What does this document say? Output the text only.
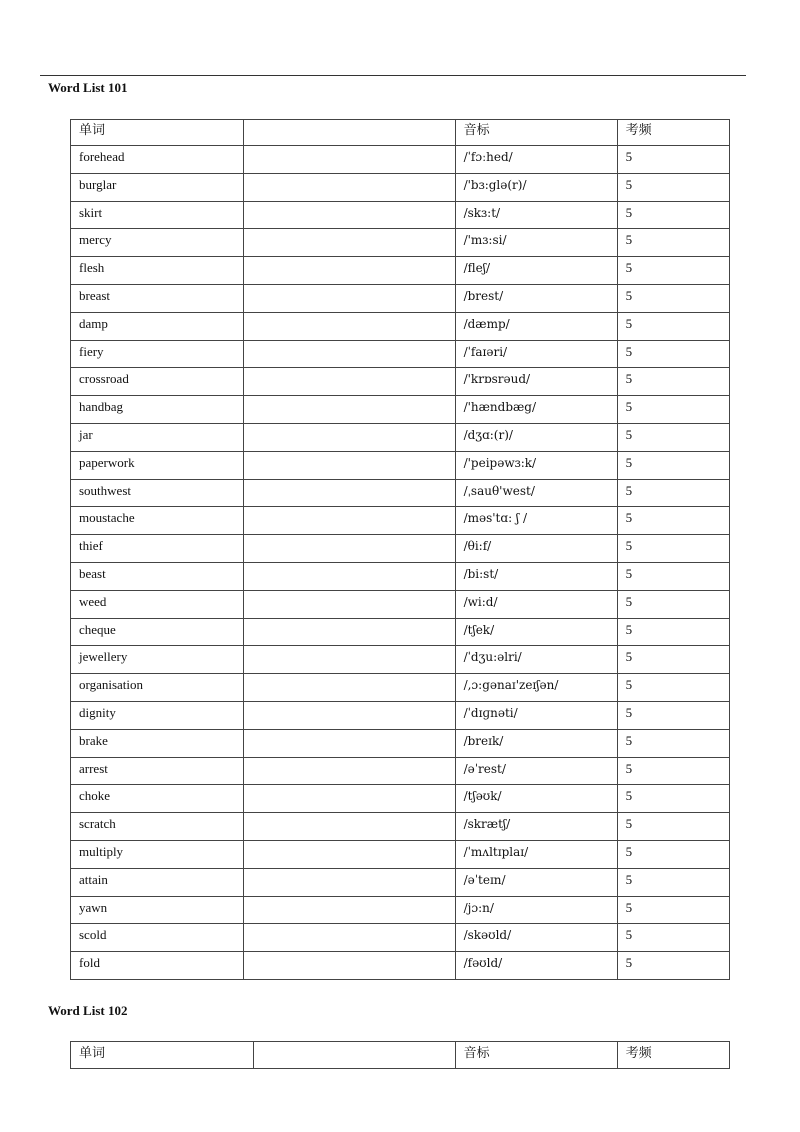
Word List 101
单词		音标	考频
forehead		/ˈfɔːhed/	5
burglar		/'bɜ:glə(r)/	5
skirt		/skɜ:t/	5
mercy		/'mɜ:si/	5
flesh		/fleʃ/	5
breast		/brest/	5
damp		/dæmp/	5
fiery		/ˈfaɪəri/	5
crossroad		/'krɒsrəud/	5
handbag		/'hændbæg/	5
jar		/dʒɑ:(r)/	5
paperwork		/'peipəwɜ:k/	5
southwest		/ˌsauθ'west/	5
moustache		/məs'tɑ: ʃ /	5
thief		/θi:f/	5
beast		/bi:st/	5
weed		/wi:d/	5
cheque		/tʃek/	5
jewellery		/ˈdʒu:əlri/	5
organisation		/,ɔ:gənaɪ'zeɪʃən/	5
dignity		/ˈdɪɡnəti/	5
brake		/breɪk/	5
arrest		/əˈrest/	5
choke		/tʃəʊk/	5
scratch		/skrætʃ/	5
multiply		/ˈmʌltɪplaɪ/	5
attain		/əˈteɪn/	5
yawn		/jɔ:n/	5
scold		/skəʊld/	5
fold		/fəʊld/	5
Word List 102
单词		音标	考频
